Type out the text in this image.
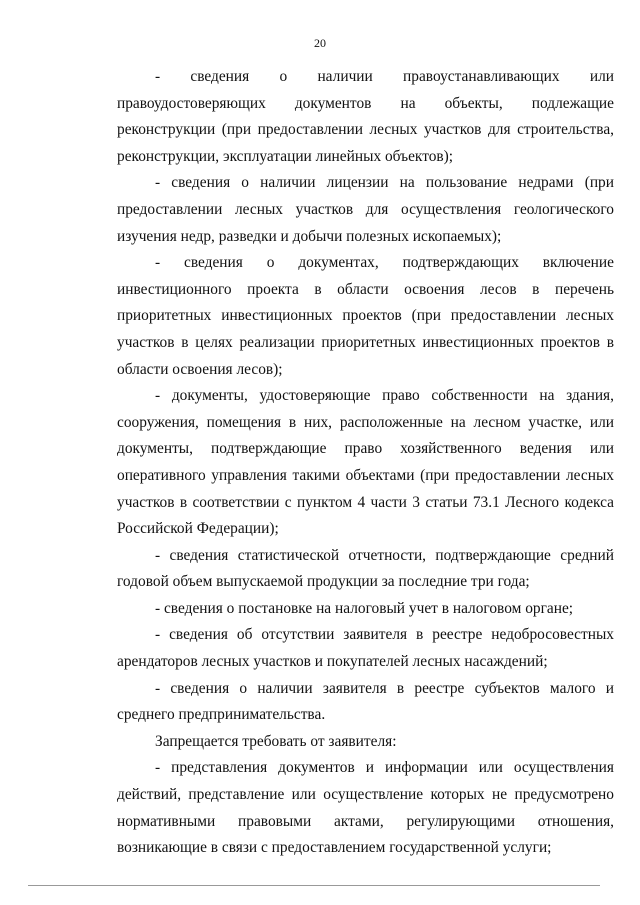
20

- сведения о наличии правоустанавливающих или правоудостоверяющих документов на объекты, подлежащие реконструкции (при предоставлении лесных участков для строительства, реконструкции, эксплуатации линейных объектов);

- сведения о наличии лицензии на пользование недрами (при предоставлении лесных участков для осуществления геологического изучения недр, разведки и добычи полезных ископаемых);

- сведения о документах, подтверждающих включение инвестиционного проекта в области освоения лесов в перечень приоритетных инвестиционных проектов (при предоставлении лесных участков в целях реализации приоритетных инвестиционных проектов в области освоения лесов);

- документы, удостоверяющие право собственности на здания, сооружения, помещения в них, расположенные на лесном участке, или документы, подтверждающие право хозяйственного ведения или оперативного управления такими объектами (при предоставлении лесных участков в соответствии с пунктом 4 части 3 статьи 73.1 Лесного кодекса Российской Федерации);

- сведения статистической отчетности, подтверждающие средний годовой объем выпускаемой продукции за последние три года;

- сведения о постановке на налоговый учет в налоговом органе;

- сведения об отсутствии заявителя в реестре недобросовестных арендаторов лесных участков и покупателей лесных насаждений;

- сведения о наличии заявителя в реестре субъектов малого и среднего предпринимательства.

Запрещается требовать от заявителя:

- представления документов и информации или осуществления действий, представление или осуществление которых не предусмотрено нормативными правовыми актами, регулирующими отношения, возникающие в связи с предоставлением государственной услуги;
